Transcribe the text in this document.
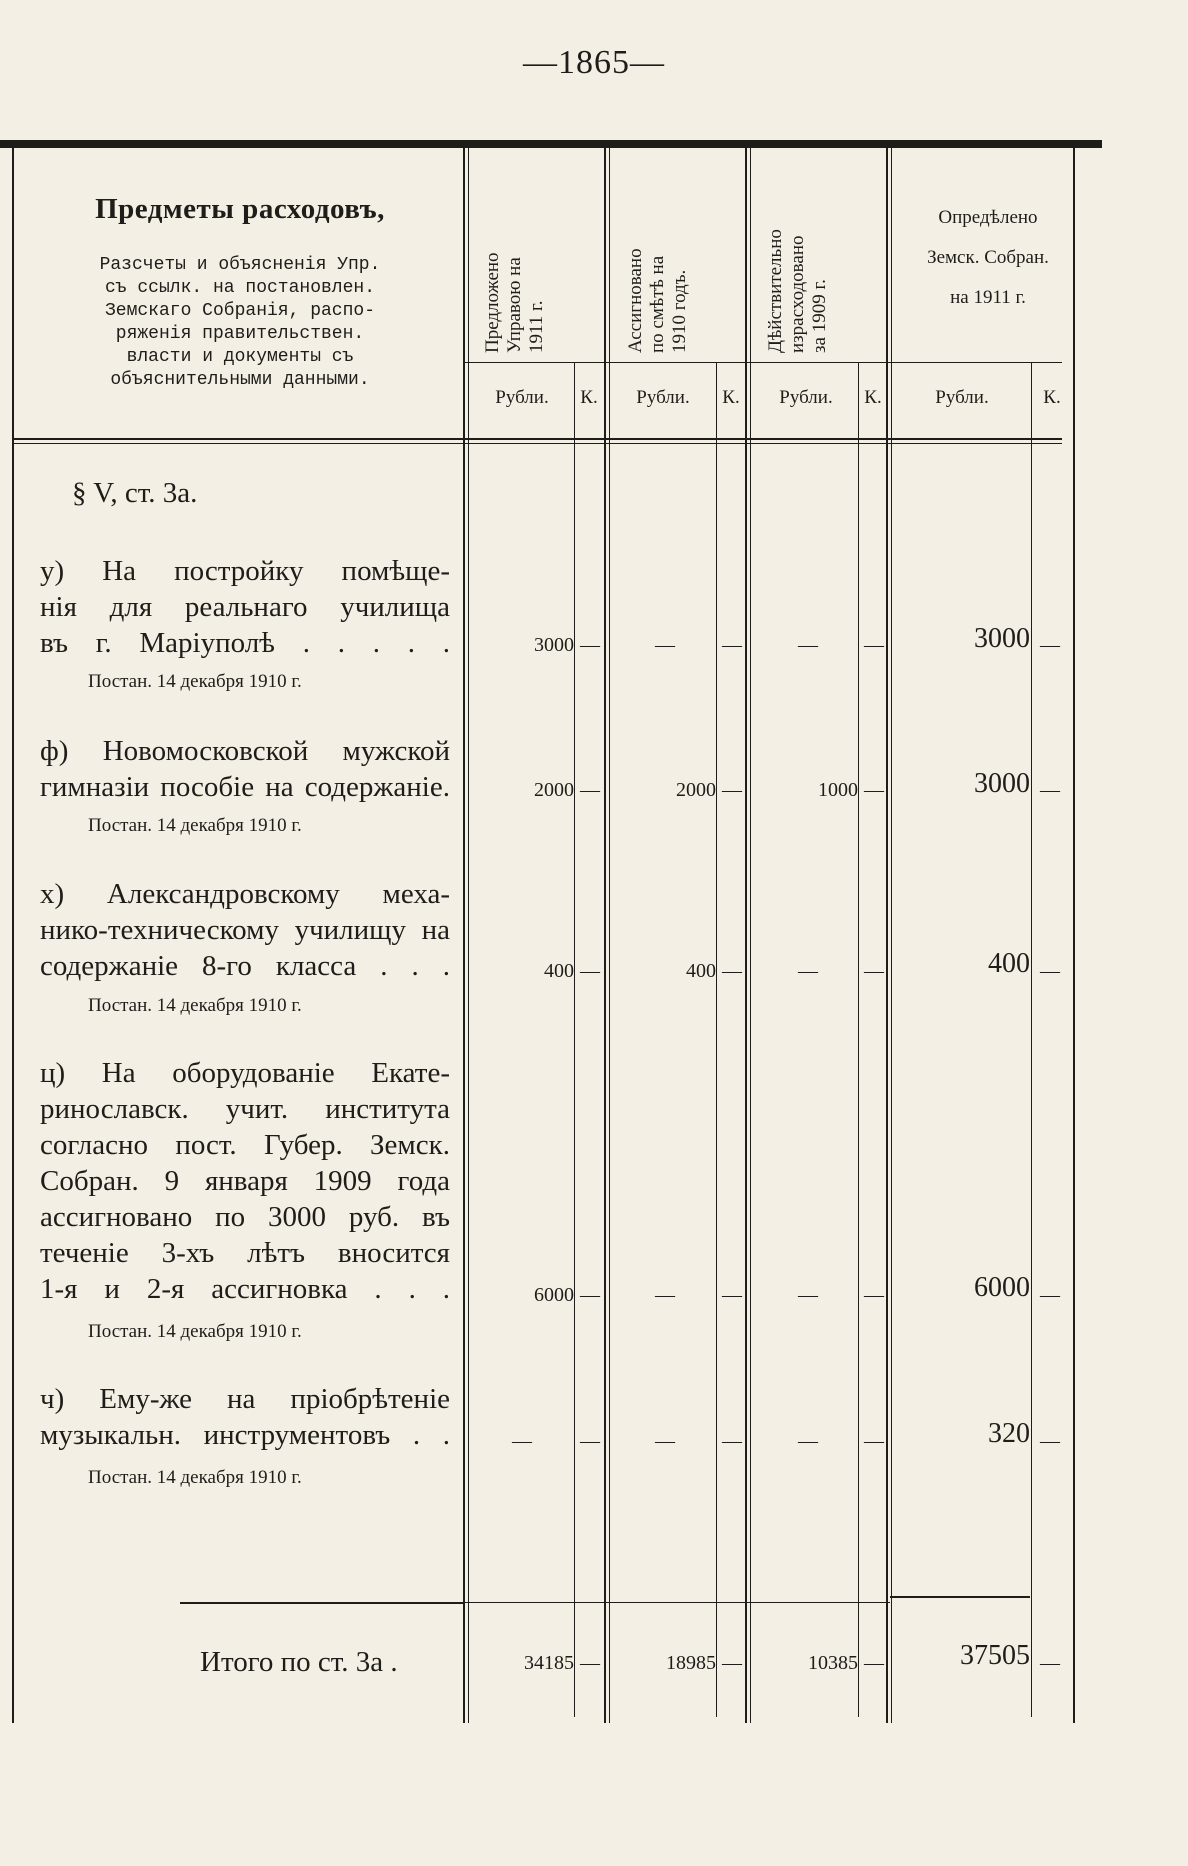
—1865—
Предметы расходовъ,
Разсчеты и объясненія Упр.
съ ссылк. на постановлен.
Земскаго Собранія, распо-
ряженія правительствен.
власти и документы съ
объяснительными данными.
Предложено
Управою на
1911 г.	Ассигновано
по смѣтѣ на
1910 годъ.	Дѣйствительно
израсходовано
за 1909 г.
Опредѣлено
Земск. Собран.
на 1911 г.
Рубли.	К.	Рубли.	К.	Рубли.	К.	Рубли.	К.
§ V, ст. 3а.
у) На постройку помѣще-
нія для реальнаго училища
въ г. Маріуполѣ . . . . .
Постан. 14 декабря 1910 г.
3000 —	— —	— —	3000 —
ф) Новомосковской мужской
гимназіи пособіе на содержаніе.
Постан. 14 декабря 1910 г.
2000 —	2000 —	1000 —	3000 —
х) Александровскому меха-
нико-техническому училищу на
содержаніе 8-го класса . . .
Постан. 14 декабря 1910 г.
400 —	400 —	— —	400 —
ц) На оборудованіе Екате-
ринославск. учит. института
согласно пост. Губер. Земск.
Собран. 9 января 1909 года
ассигновано по 3000 руб. въ
теченіе 3-хъ лѣтъ вносится
1-я и 2-я ассигновка . . .
Постан. 14 декабря 1910 г.
6000 —	— —	— —	6000 —
ч) Ему-же на пріобрѣтеніе
музыкальн. инструментовъ . .
Постан. 14 декабря 1910 г.
— —	— —	— —	320 —
Итого по ст. 3а .	34185 —	18985 —	10385 —	37505 —
